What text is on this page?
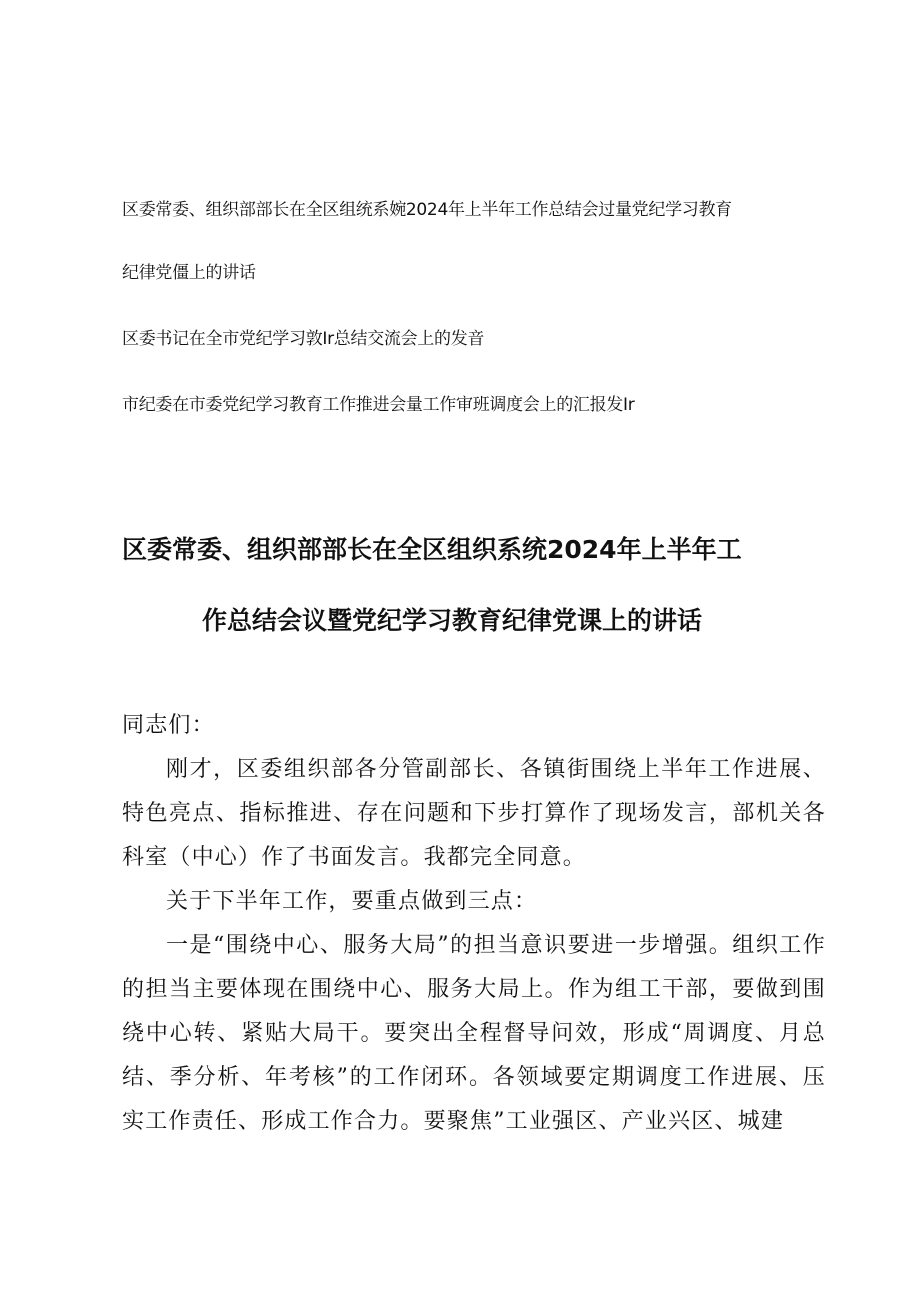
区委常委、组织部部长在全区组统系婉2024年上半年工作总结会过量党纪学习教育

纪律党僵上的讲话

区委书记在全市党纪学习敦Ir总结交流会上的发音

市纪委在市委党纪学习教育工作推进会量工作审班调度会上的汇报发Ir

区委常委、组织部部长在全区组织系统2024年上半年工
作总结会议暨党纪学习教育纪律党课上的讲话

同志们：

刚才，区委组织部各分管副部长、各镇街围绕上半年工作进展、特色亮点、指标推进、存在问题和下步打算作了现场发言，部机关各科室（中心）作了书面发言。我都完全同意。

关于下半年工作，要重点做到三点：

一是“围绕中心、服务大局”的担当意识要进一步增强。组织工作的担当主要体现在围绕中心、服务大局上。作为组工干部，要做到围绕中心转、紧贴大局干。要突出全程督导问效，形成“周调度、月总结、季分析、年考核”的工作闭环。各领域要定期调度工作进展、压实工作责任、形成工作合力。要聚焦”工业强区、产业兴区、城建
